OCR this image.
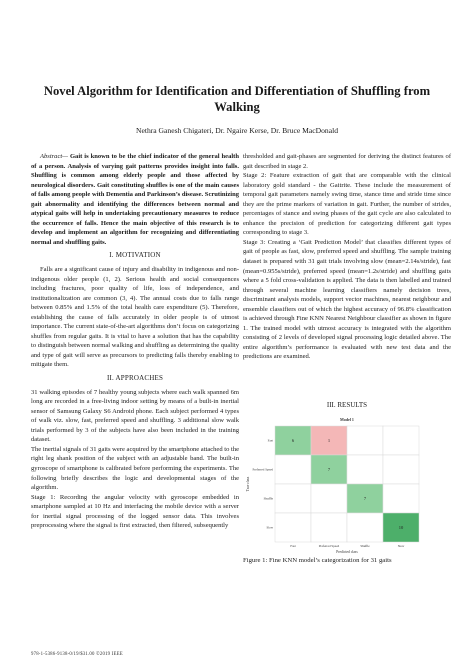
Novel Algorithm for Identification and Differentiation of Shuffling from Walking
Nethra Ganesh Chigateri, Dr. Ngaire Kerse, Dr. Bruce MacDonald

Abstract— Gait is known to be the chief indicator of the general health of a person. Analysis of varying gait patterns provides insight into falls. Shuffling is common among elderly people and those affected by neurological disorders. Gait constituting shuffles is one of the main causes of falls among people with Dementia and Parkinson’s disease. Scrutinizing gait abnormality and identifying the differences between normal and atypical gaits will help in undertaking precautionary measures to reduce the occurrence of falls. Hence the main objective of this research is to develop and implement an algorithm for recognizing and differentiating normal and shuffling gaits.

I. MOTIVATION

Falls are a significant cause of injury and disability in indigenous and non-indigenous older people (1, 2). Serious health and social consequences including fractures, poor quality of life, loss of independence, and institutionalization are common (3, 4). The annual costs due to falls range between 0.85% and 1.5% of the total health care expenditure (5). Therefore, establishing the cause of falls accurately in older people is of utmost importance. The current state-of-the-art algorithms don’t focus on categorizing shuffles from regular gaits. It is vital to have a solution that has the capability to distinguish between normal walking and shuffling as determining the quality and type of gait will serve as precursors to predicting falls thereby enabling to mitigate them.

II. APPROACHES

31 walking episodes of 7 healthy young subjects where each walk spanned 6m long are recorded in a free-living indoor setting by means of a built-in inertial sensor of Samsung Galaxy S6 Android phone. Each subject performed 4 types of walk viz. slow, fast, preferred speed and shuffling. 3 additional slow walk trials performed by 3 of the subjects have also been included in the training dataset.

The inertial signals of 31 gaits were acquired by the smartphone attached to the right leg shank position of the subject with an adjustable band. The built-in gyroscope of smartphone is calibrated before performing the experiments. The following briefly describes the logic and developmental stages of the algorithm.

Stage 1: Recording the angular velocity with gyroscope embedded in smartphone sampled at 10 Hz and interfacing the mobile device with a server for inertial signal processing of the logged sensor data. This involves preprocessing where the signal is first extracted, then filtered, subsequently

thresholded and gait-phases are segmented for deriving the distinct features of gait described in stage 2.

Stage 2: Feature extraction of gait that are comparable with the clinical laboratory gold standard - the Gaitrite. These include the measurement of temporal gait parameters namely swing time, stance time and stride time since they are the prime markers of variation in gait. Further, the number of strides, percentages of stance and swing phases of the gait cycle are also calculated to enhance the precision of prediction for categorizing different gait types corresponding to stage 3.

Stage 3: Creating a ‘Gait Prediction Model’ that classifies different types of gait of people as fast, slow, preferred speed and shuffling. The sample training dataset is prepared with 31 gait trials involving slow (mean=2.14s/stride), fast (mean=0.955s/stride), preferred speed (mean=1.2s/stride) and shuffling gaits where a 5 fold cross-validation is applied. The data is then labelled and trained through several machine learning classifiers namely decision trees, discriminant analysis models, support vector machines, nearest neighbour and ensemble classifiers out of which the highest accuracy of 96.8% classification is achieved through Fine KNN Nearest Neighbour classifier as shown in figure 1. The trained model with utmost accuracy is integrated with the algorithm consisting of 2 levels of developed signal processing logic detailed above. The entire algorithm’s performance is evaluated with new test data and the predictions are examined.

III. RESULTS
Model 1
6	1
Fast
Fast
7
Preferred Speed
Preferred Speed
7
Shuffle
Shuffle
10
Slow
Slow
True class
Predicted class
Figure 1: Fine KNN model’s categorization for 31 gaits
978-1-5386-9138-0/19/$31.00 ©2019 IEEE
